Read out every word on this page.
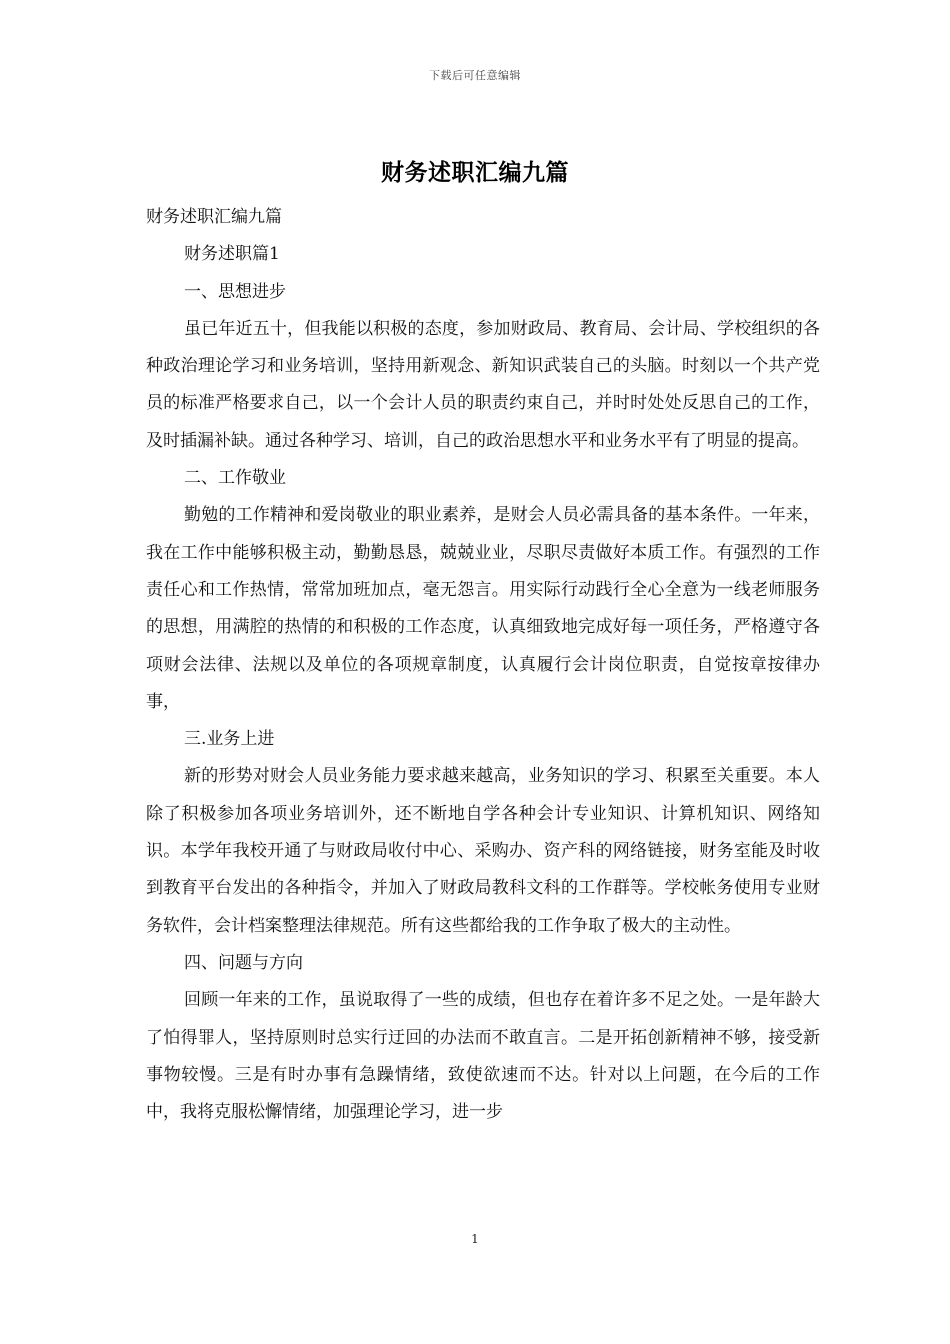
下载后可任意编辑
财务述职汇编九篇

财务述职汇编九篇

财务述职篇1

一、思想进步

虽已年近五十，但我能以积极的态度，参加财政局、教育局、会计局、学校组织的各种政治理论学习和业务培训，坚持用新观念、新知识武装自己的头脑。时刻以一个共产党员的标准严格要求自己，以一个会计人员的职责约束自己，并时时处处反思自己的工作，及时插漏补缺。通过各种学习、培训，自己的政治思想水平和业务水平有了明显的提高。

二、工作敬业

勤勉的工作精神和爱岗敬业的职业素养，是财会人员必需具备的基本条件。一年来，我在工作中能够积极主动，勤勤恳恳，兢兢业业，尽职尽责做好本质工作。有强烈的工作责任心和工作热情，常常加班加点，毫无怨言。用实际行动践行全心全意为一线老师服务的思想，用满腔的热情的和积极的工作态度，认真细致地完成好每一项任务，严格遵守各项财会法律、法规以及单位的各项规章制度，认真履行会计岗位职责，自觉按章按律办事，

三.业务上进

新的形势对财会人员业务能力要求越来越高，业务知识的学习、积累至关重要。本人除了积极参加各项业务培训外，还不断地自学各种会计专业知识、计算机知识、网络知识。本学年我校开通了与财政局收付中心、采购办、资产科的网络链接，财务室能及时收到教育平台发出的各种指令，并加入了财政局教科文科的工作群等。学校帐务使用专业财务软件，会计档案整理法律规范。所有这些都给我的工作争取了极大的主动性。

四、问题与方向

回顾一年来的工作，虽说取得了一些的成绩，但也存在着许多不足之处。一是年龄大了怕得罪人，坚持原则时总实行迂回的办法而不敢直言。二是开拓创新精神不够，接受新事物较慢。三是有时办事有急躁情绪，致使欲速而不达。针对以上问题，在今后的工作中，我将克服松懈情绪，加强理论学习，进一步

1
